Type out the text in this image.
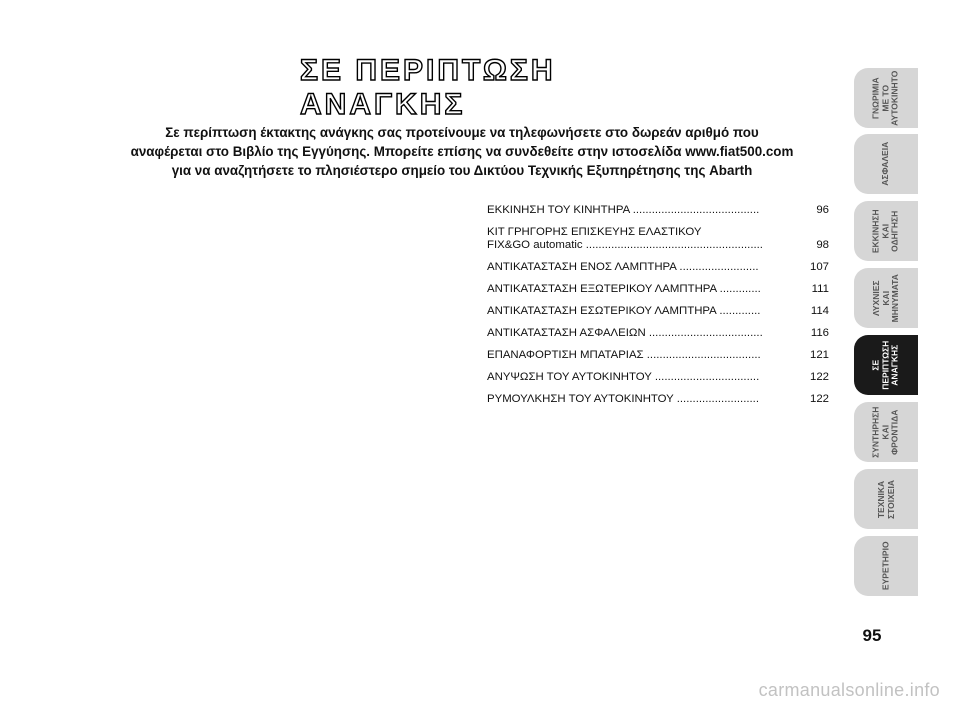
ΣΕ ΠΕΡΙΠΤΩΣΗ ΑΝΑΓΚΗΣ

Σε περίπτωση έκτακτης ανάγκης σας προτείνουμε να τηλεφωνήσετε στο δωρεάν αριθμό που

αναφέρεται στο Βιβλίο της Εγγύησης. Μπορείτε επίσης να συνδεθείτε στην ιστοσελίδα www.fiat500.com

για να αναζητήσετε το πλησιέστερο σημείο του Δικτύου Τεχνικής Εξυπηρέτησης της Abarth

ΕΚΚΙΝΗΣΗ ΤΟΥ ΚΙΝΗΤΗΡΑ ........................................	96
ΚΙΤ ΓΡΗΓΟΡΗΣ ΕΠΙΣΚΕΥΗΣ ΕΛΑΣΤΙΚΟΥ
FIX&GO automatic ........................................................	98
ΑΝΤΙΚΑΤΑΣΤΑΣΗ ΕΝΟΣ ΛΑΜΠΤΗΡΑ .........................	107
ΑΝΤΙΚΑΤΑΣΤΑΣΗ ΕΞΩΤΕΡΙΚΟΥ ΛΑΜΠΤΗΡΑ .............	111
ΑΝΤΙΚΑΤΑΣΤΑΣΗ ΕΣΩΤΕΡΙΚΟΥ ΛΑΜΠΤΗΡΑ .............	114
ΑΝΤΙΚΑΤΑΣΤΑΣΗ ΑΣΦΑΛΕΙΩΝ ....................................	116
ΕΠΑΝΑΦΟΡΤΙΣΗ ΜΠΑΤΑΡΙΑΣ ....................................	121
ΑΝΥΨΩΣΗ ΤΟΥ ΑΥΤΟΚΙΝΗΤΟΥ .................................	122
ΡΥΜΟΥΛΚΗΣΗ ΤΟΥ ΑΥΤΟΚΙΝΗΤΟΥ ..........................	122
ΓΝΩΡΙΜΙΑ ΜΕ ΤΟ ΑΥΤΟΚΙΝΗΤΟ
ΑΣΦΑΛΕΙΑ
ΕΚΚΙΝΗΣΗ ΚΑΙ ΟΔΗΓΗΣΗ
ΛΥΧΝΙΕΣ ΚΑΙ ΜΗΝΥΜΑΤΑ
ΣΕ ΠΕΡΙΠΤΩΣΗ ΑΝΑΓΚΗΣ
ΣΥΝΤΗΡΗΣΗ ΚΑΙ ΦΡΟΝΤΙΔΑ
ΤΕΧΝΙΚΑ ΣΤΟΙΧΕΙΑ
ΕΥΡΕΤΗΡΙΟ
95
carmanualsonline.info
